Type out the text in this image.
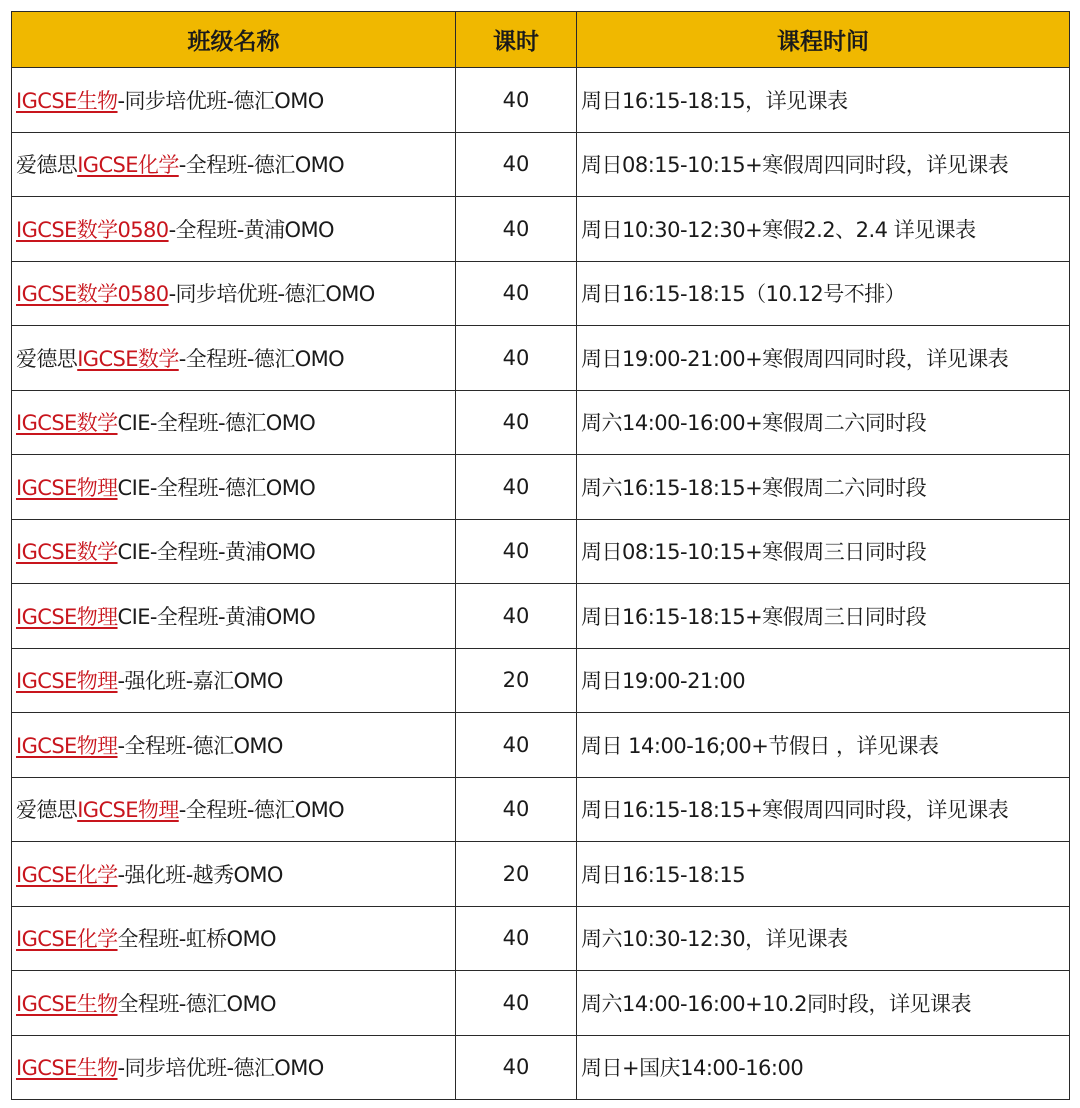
班级名称	课时	课程时间
IGCSE生物-同步培优班-德汇OMO	40	周日16:15-18:15，详见课表
爱德思IGCSE化学-全程班-德汇OMO	40	周日08:15-10:15+寒假周四同时段，详见课表
IGCSE数学0580-全程班-黄浦OMO	40	周日10:30-12:30+寒假2.2、2.4 详见课表
IGCSE数学0580-同步培优班-德汇OMO	40	周日16:15-18:15（10.12号不排）
爱德思IGCSE数学-全程班-德汇OMO	40	周日19:00-21:00+寒假周四同时段，详见课表
IGCSE数学CIE-全程班-德汇OMO	40	周六14:00-16:00+寒假周二六同时段
IGCSE物理CIE-全程班-德汇OMO	40	周六16:15-18:15+寒假周二六同时段
IGCSE数学CIE-全程班-黄浦OMO	40	周日08:15-10:15+寒假周三日同时段
IGCSE物理CIE-全程班-黄浦OMO	40	周日16:15-18:15+寒假周三日同时段
IGCSE物理-强化班-嘉汇OMO	20	周日19:00-21:00
IGCSE物理-全程班-德汇OMO	40	周日 14:00-16;00+节假日 ，详见课表
爱德思IGCSE物理-全程班-德汇OMO	40	周日16:15-18:15+寒假周四同时段，详见课表
IGCSE化学-强化班-越秀OMO	20	周日16:15-18:15
IGCSE化学全程班-虹桥OMO	40	周六10:30-12:30，详见课表
IGCSE生物全程班-德汇OMO	40	周六14:00-16:00+10.2同时段，详见课表
IGCSE生物-同步培优班-德汇OMO	40	周日+国庆14:00-16:00
